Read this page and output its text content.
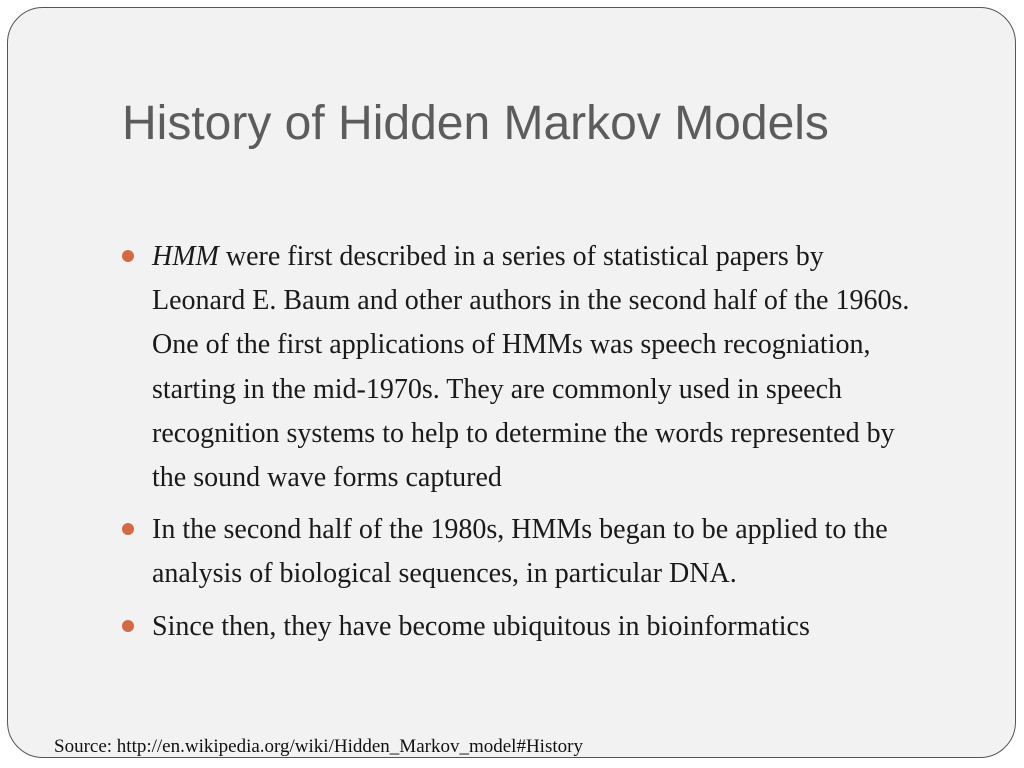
History of Hidden Markov Models
HMM were first described in a series of statistical papers by Leonard E. Baum and other authors in the second half of the 1960s. One of the first applications of HMMs was speech recogniation, starting in the mid-1970s. They are commonly used in speech recognition systems to help to determine the words represented by the sound wave forms captured
In the second half of the 1980s, HMMs began to be applied to the analysis of biological sequences, in particular DNA.
Since then, they have become ubiquitous in bioinformatics
Source: http://en.wikipedia.org/wiki/Hidden_Markov_model#History
